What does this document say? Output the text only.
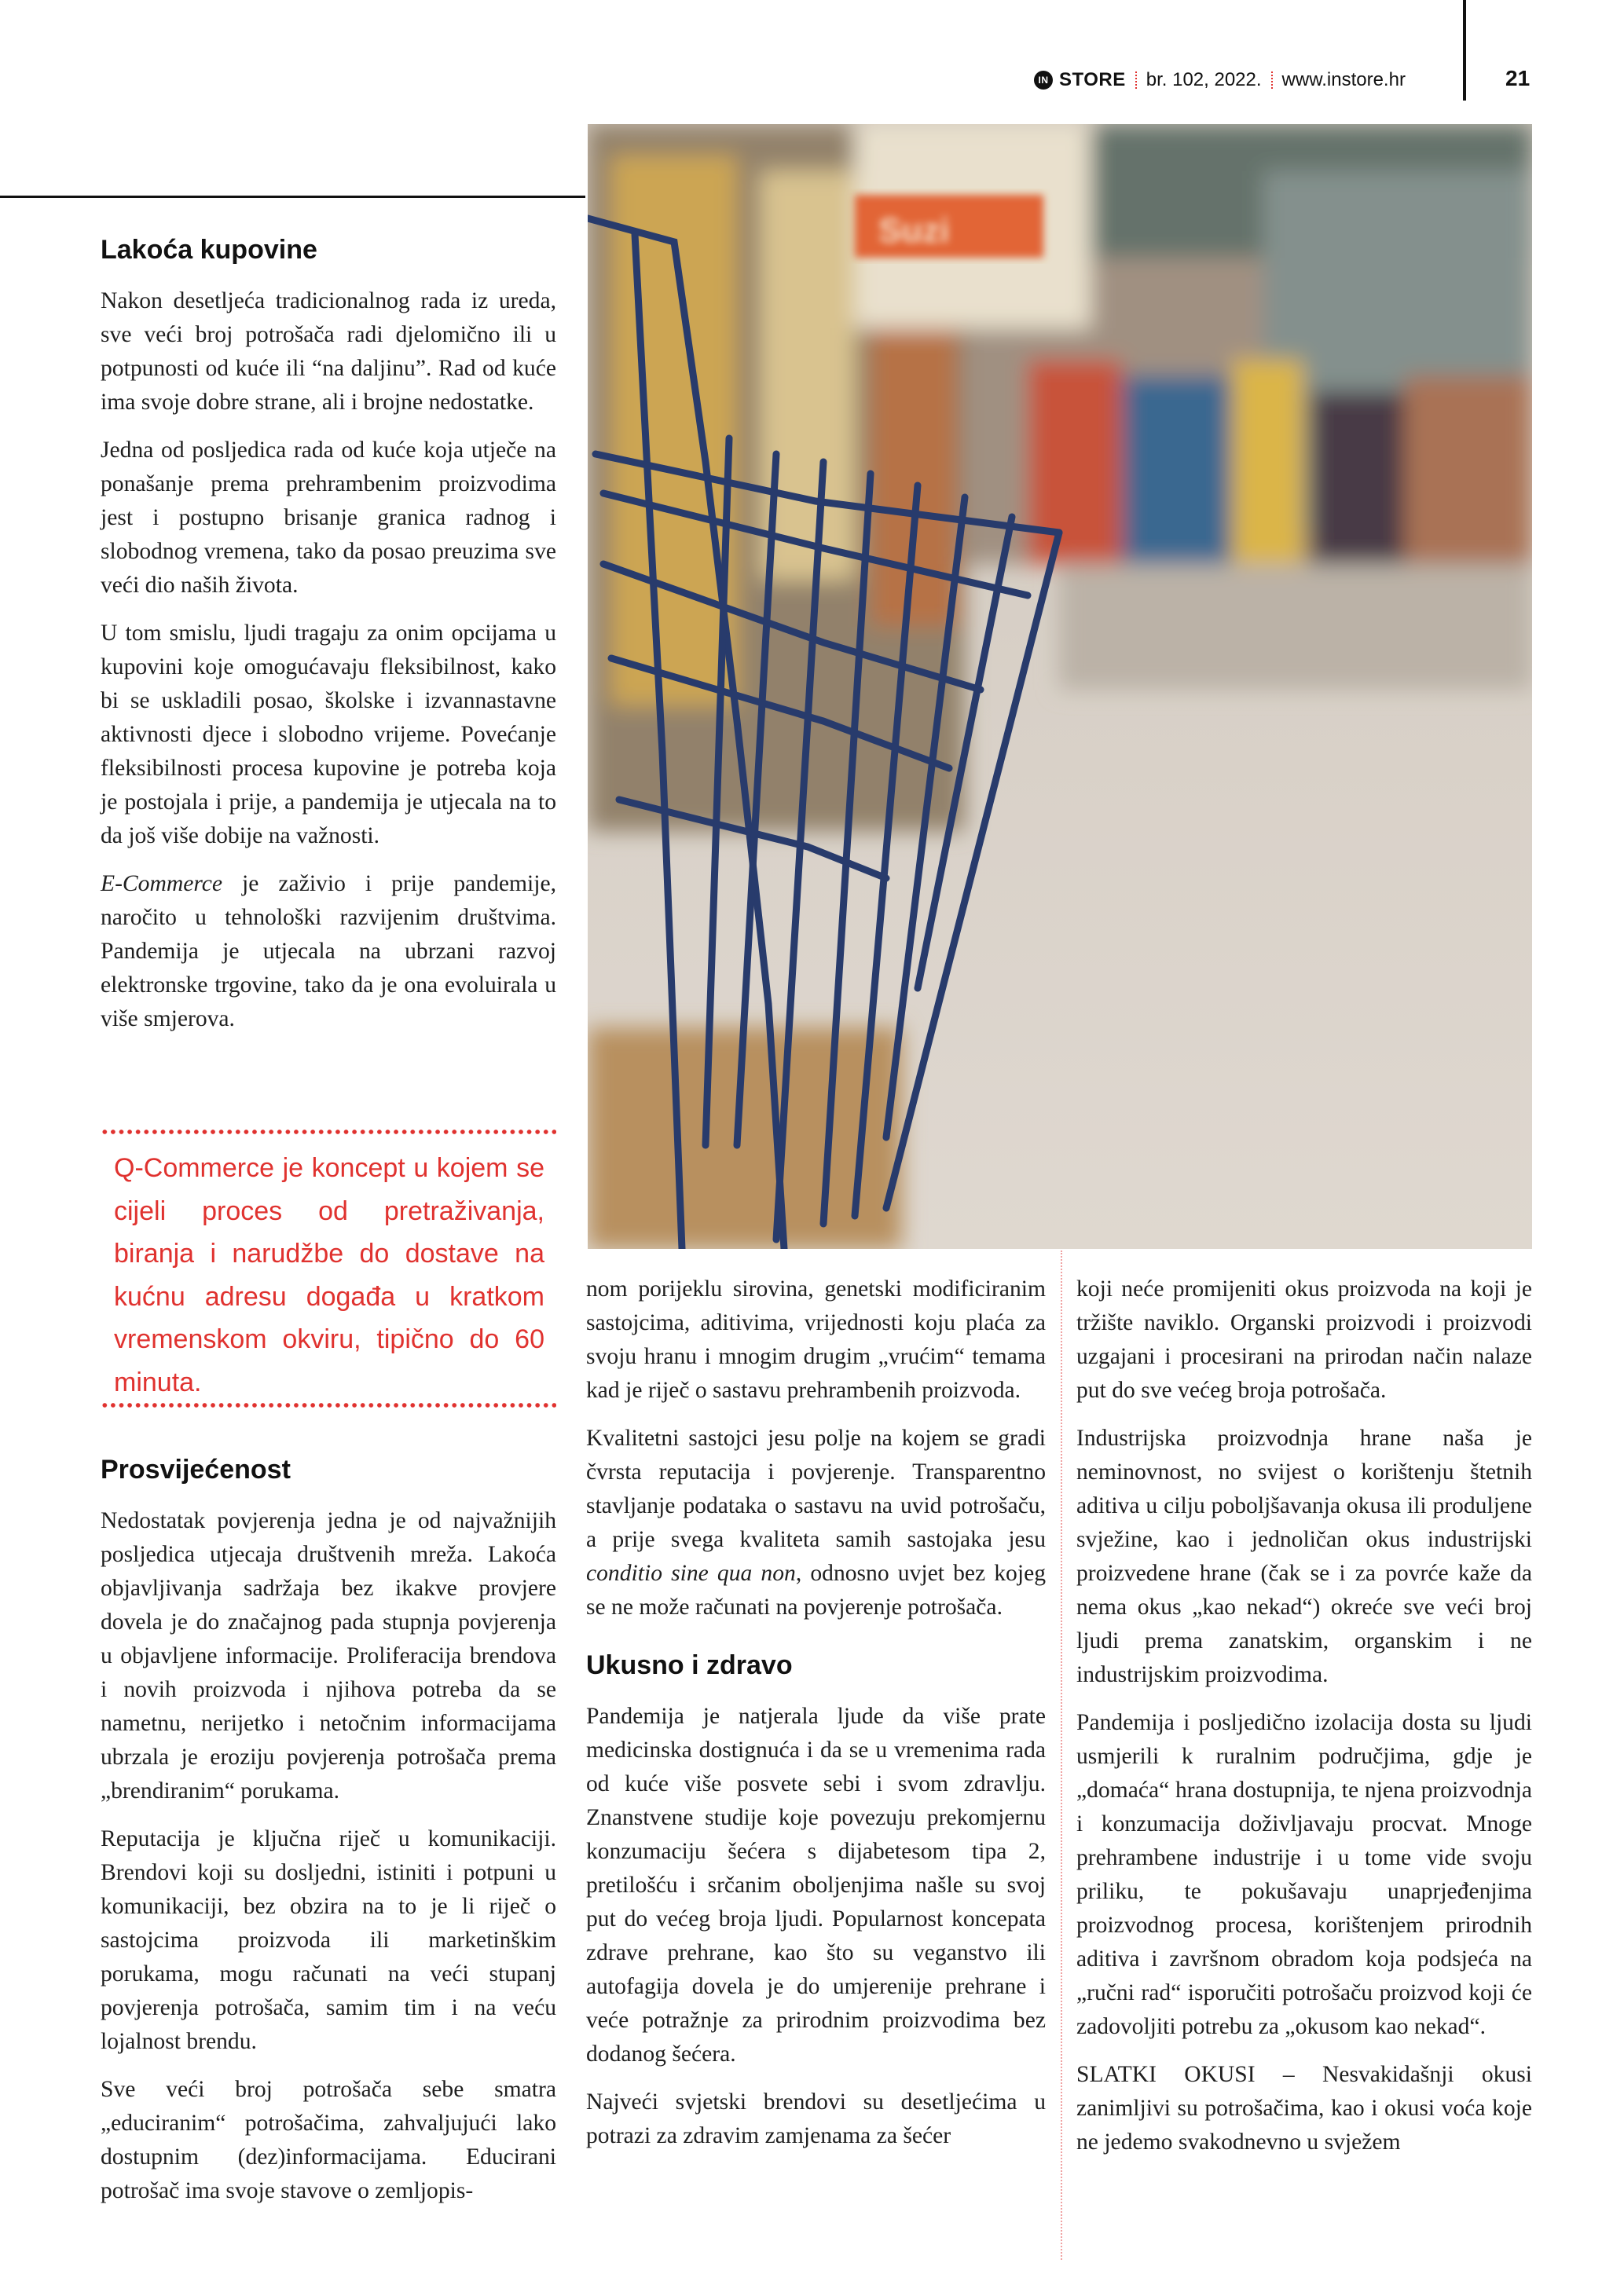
IN STORE br. 102, 2022. www.instore.hr	21
Suzi
Lakoća kupovine

Nakon desetljeća tradicionalnog rada iz ureda, sve veći broj potrošača radi djelomično ili u potpunosti od kuće ili “na daljinu”. Rad od kuće ima svoje dobre strane, ali i brojne nedostatke.

Jedna od posljedica rada od kuće koja utječe na ponašanje prema prehrambenim proizvodima jest i postupno brisanje granica radnog i slobodnog vremena, tako da posao preuzima sve veći dio naših života.

U tom smislu, ljudi tragaju za onim opcijama u kupovini koje omogućavaju fleksibilnost, kako bi se uskladili posao, školske i izvannastavne aktivnosti djece i slobodno vrijeme. Povećanje fleksibilnosti procesa kupovine je potreba koja je postojala i prije, a pandemija je utjecala na to da još više dobije na važnosti.

E-Commerce je zaživio i prije pandemije, naročito u tehnološki razvijenim društvima. Pandemija je utjecala na ubrzani razvoj elektronske trgovine, tako da je ona evoluirala u više smjerova.

Q-Commerce je koncept u kojem se cijeli proces od pretraživanja, biranja i narudžbe do dostave na kućnu adresu događa u kratkom vremenskom okviru, tipično do 60 minuta.
Prosvijećenost

Nedostatak povjerenja jedna je od najvažnijih posljedica utjecaja društvenih mreža. Lakoća objavljivanja sadržaja bez ikakve provjere dovela je do značajnog pada stupnja povjerenja u objavljene informacije. Proliferacija brendova i novih proizvoda i njihova potreba da se nametnu, nerijetko i netočnim informacijama ubrzala je eroziju povjerenja potrošača prema „brendiranim“ porukama.

Reputacija je ključna riječ u komunikaciji. Brendovi koji su dosljedni, istiniti i potpuni u komunikaciji, bez obzira na to je li riječ o sastojcima proizvoda ili marketinškim porukama, mogu računati na veći stupanj povjerenja potrošača, samim tim i na veću lojalnost brendu.

Sve veći broj potrošača sebe smatra „educiranim“ potrošačima, zahvaljujući lako dostupnim (dez)informacijama. Educirani potrošač ima svoje stavove o zemljopis-

nom porijeklu sirovina, genetski modificiranim sastojcima, aditivima, vrijednosti koju plaća za svoju hranu i mnogim drugim „vrućim“ temama kad je riječ o sastavu prehrambenih proizvoda.

Kvalitetni sastojci jesu polje na kojem se gradi čvrsta reputacija i povjerenje. Transparentno stavljanje podataka o sastavu na uvid potrošaču, a prije svega kvaliteta samih sastojaka jesu conditio sine qua non, odnosno uvjet bez kojeg se ne može računati na povjerenje potrošača.

Ukusno i zdravo

Pandemija je natjerala ljude da više prate medicinska dostignuća i da se u vremenima rada od kuće više posvete sebi i svom zdravlju. Znanstvene studije koje povezuju prekomjernu konzumaciju šećera s dijabetesom tipa 2, pretilošću i srčanim oboljenjima našle su svoj put do većeg broja ljudi. Popularnost koncepata zdrave prehrane, kao što su veganstvo ili autofagija dovela je do umjerenije prehrane i veće potražnje za prirodnim proizvodima bez dodanog šećera.

Najveći svjetski brendovi su desetljećima u potrazi za zdravim zamjenama za šećer

koji neće promijeniti okus proizvoda na koji je tržište naviklo. Organski proizvodi i proizvodi uzgajani i procesirani na prirodan način nalaze put do sve većeg broja potrošača.

Industrijska proizvodnja hrane naša je neminovnost, no svijest o korištenju štetnih aditiva u cilju poboljšavanja okusa ili produljene svježine, kao i jednoličan okus industrijski proizvedene hrane (čak se i za povrće kaže da nema okus „kao nekad“) okreće sve veći broj ljudi prema zanatskim, organskim i ne industrijskim proizvodima.

Pandemija i posljedično izolacija dosta su ljudi usmjerili k ruralnim područjima, gdje je „domaća“ hrana dostupnija, te njena proizvodnja i konzumacija doživljavaju procvat. Mnoge prehrambene industrije i u tome vide svoju priliku, te pokušavaju unaprjeđenjima proizvodnog procesa, korištenjem prirodnih aditiva i završnom obradom koja podsjeća na „ručni rad“ isporučiti potrošaču proizvod koji će zadovoljiti potrebu za „okusom kao nekad“.

SLATKI OKUSI – Nesvakidašnji okusi zanimljivi su potrošačima, kao i okusi voća koje ne jedemo svakodnevno u svježem
